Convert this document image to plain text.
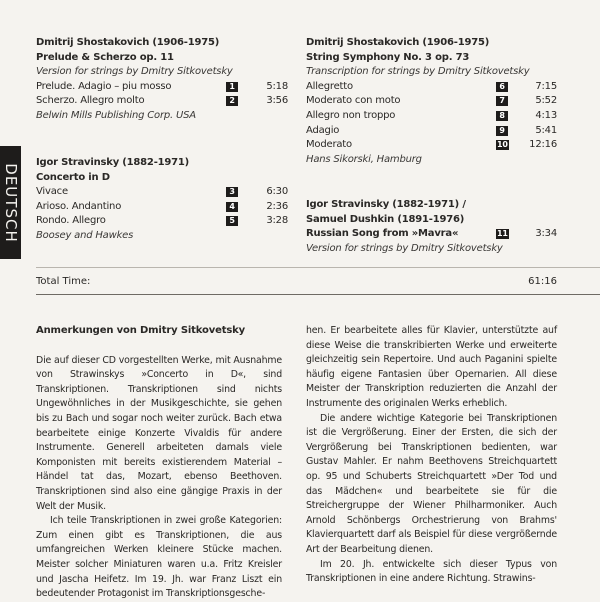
DEUTSCH
Dmitrij Shostakovich (1906-1975)
Prelude & Scherzo op. 11
Version for strings by Dmitry Sitkovetsky
Prelude. Adagio – piu mosso	1	5:18
Scherzo. Allegro molto	2	3:56
Belwin Mills Publishing Corp. USA
Igor Stravinsky (1882-1971)
Concerto in D
Vivace	3	6:30
Arioso. Andantino	4	2:36
Rondo. Allegro	5	3:28
Boosey and Hawkes
Dmitrij Shostakovich (1906-1975)
String Symphony No. 3 op. 73
Transcription for strings by Dmitry Sitkovetsky
Allegretto	6	7:15
Moderato con moto	7	5:52
Allegro non troppo	8	4:13
Adagio	9	5:41
Moderato	10 12:16
Hans Sikorski, Hamburg
Igor Stravinsky (1882-1971) /
Samuel Dushkin (1891-1976)
Russian Song from »Mavra«	11	3:34
Version for strings by Dmitry Sitkovetsky
Total Time:	61:16
Anmerkungen von Dmitry Sitkovetsky

Die auf dieser CD vorgestellten Werke, mit Ausnahme von Strawinskys »Concerto in D«, sind Transkriptionen. Transkriptionen sind nichts Ungewöhnliches in der Musikgeschichte, sie gehen bis zu Bach und sogar noch weiter zurück. Bach etwa bearbeitete einige Konzerte Vivaldis für andere Instrumente. Generell arbeiteten damals viele Komponisten mit bereits existierendem Material – Händel tat das, Mozart, ebenso Beethoven. Transkriptionen sind also eine gängige Praxis in der Welt der Musik.

Ich teile Transkriptionen in zwei große Kategorien: Zum einen gibt es Transkriptionen, die aus umfangreichen Werken kleinere Stücke machen. Meister solcher Miniaturen waren u.a. Fritz Kreisler und Jascha Heifetz. Im 19. Jh. war Franz Liszt ein bedeutender Protagonist im Transkriptionsgesche-

hen. Er bearbeitete alles für Klavier, unterstützte auf diese Weise die transkribierten Werke und erweiterte gleichzeitig sein Repertoire. Und auch Paganini spielte häufig eigene Fantasien über Opernarien. All diese Meister der Transkription reduzierten die Anzahl der Instrumente des originalen Werks erheblich.

Die andere wichtige Kategorie bei Transkriptionen ist die Vergrößerung. Einer der Ersten, die sich der Vergrößerung bei Transkriptionen bedienten, war Gustav Mahler. Er nahm Beethovens Streichquartett op. 95 und Schuberts Streichquartett »Der Tod und das Mädchen« und bearbeitete sie für die Streichergruppe der Wiener Philharmoniker. Auch Arnold Schönbergs Orchestrierung von Brahms' Klavierquartett darf als Beispiel für diese vergrößernde Art der Bearbeitung dienen.

Im 20. Jh. entwickelte sich dieser Typus von Transkriptionen in eine andere Richtung. Strawins-
